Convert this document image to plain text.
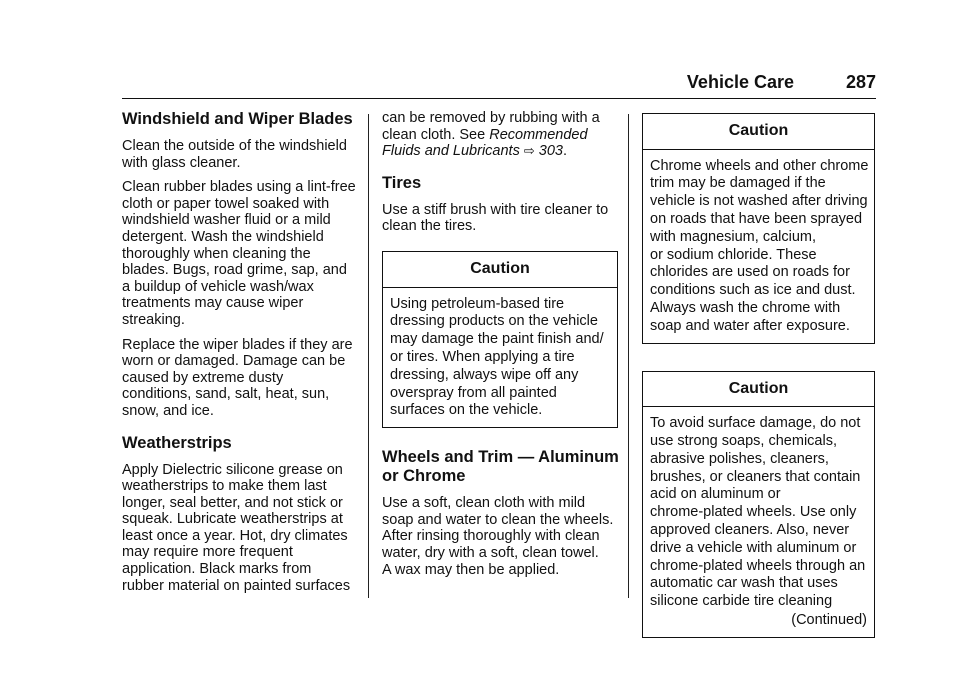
Vehicle Care	287
Windshield and Wiper Blades

Clean the outside of the windshield
with glass cleaner.

Clean rubber blades using a lint-free
cloth or paper towel soaked with
windshield washer fluid or a mild
detergent. Wash the windshield
thoroughly when cleaning the
blades. Bugs, road grime, sap, and
a buildup of vehicle wash/wax
treatments may cause wiper
streaking.

Replace the wiper blades if they are
worn or damaged. Damage can be
caused by extreme dusty
conditions, sand, salt, heat, sun,
snow, and ice.

Weatherstrips

Apply Dielectric silicone grease on
weatherstrips to make them last
longer, seal better, and not stick or
squeak. Lubricate weatherstrips at
least once a year. Hot, dry climates
may require more frequent
application. Black marks from
rubber material on painted surfaces

can be removed by rubbing with a
clean cloth. See Recommended
Fluids and Lubricants ⇨ 303.

Tires

Use a stiff brush with tire cleaner to
clean the tires.

Caution
Using petroleum-based tire
dressing products on the vehicle
may damage the paint finish and/
or tires. When applying a tire
dressing, always wipe off any
overspray from all painted
surfaces on the vehicle.
Wheels and Trim — Aluminum
or Chrome

Use a soft, clean cloth with mild
soap and water to clean the wheels.
After rinsing thoroughly with clean
water, dry with a soft, clean towel.
A wax may then be applied.

Caution
Chrome wheels and other chrome
trim may be damaged if the
vehicle is not washed after driving
on roads that have been sprayed
with magnesium, calcium,
or sodium chloride. These
chlorides are used on roads for
conditions such as ice and dust.
Always wash the chrome with
soap and water after exposure.
Caution
To avoid surface damage, do not
use strong soaps, chemicals,
abrasive polishes, cleaners,
brushes, or cleaners that contain
acid on aluminum or
chrome-plated wheels. Use only
approved cleaners. Also, never
drive a vehicle with aluminum or
chrome-plated wheels through an
automatic car wash that uses
silicone carbide tire cleaning
(Continued)
